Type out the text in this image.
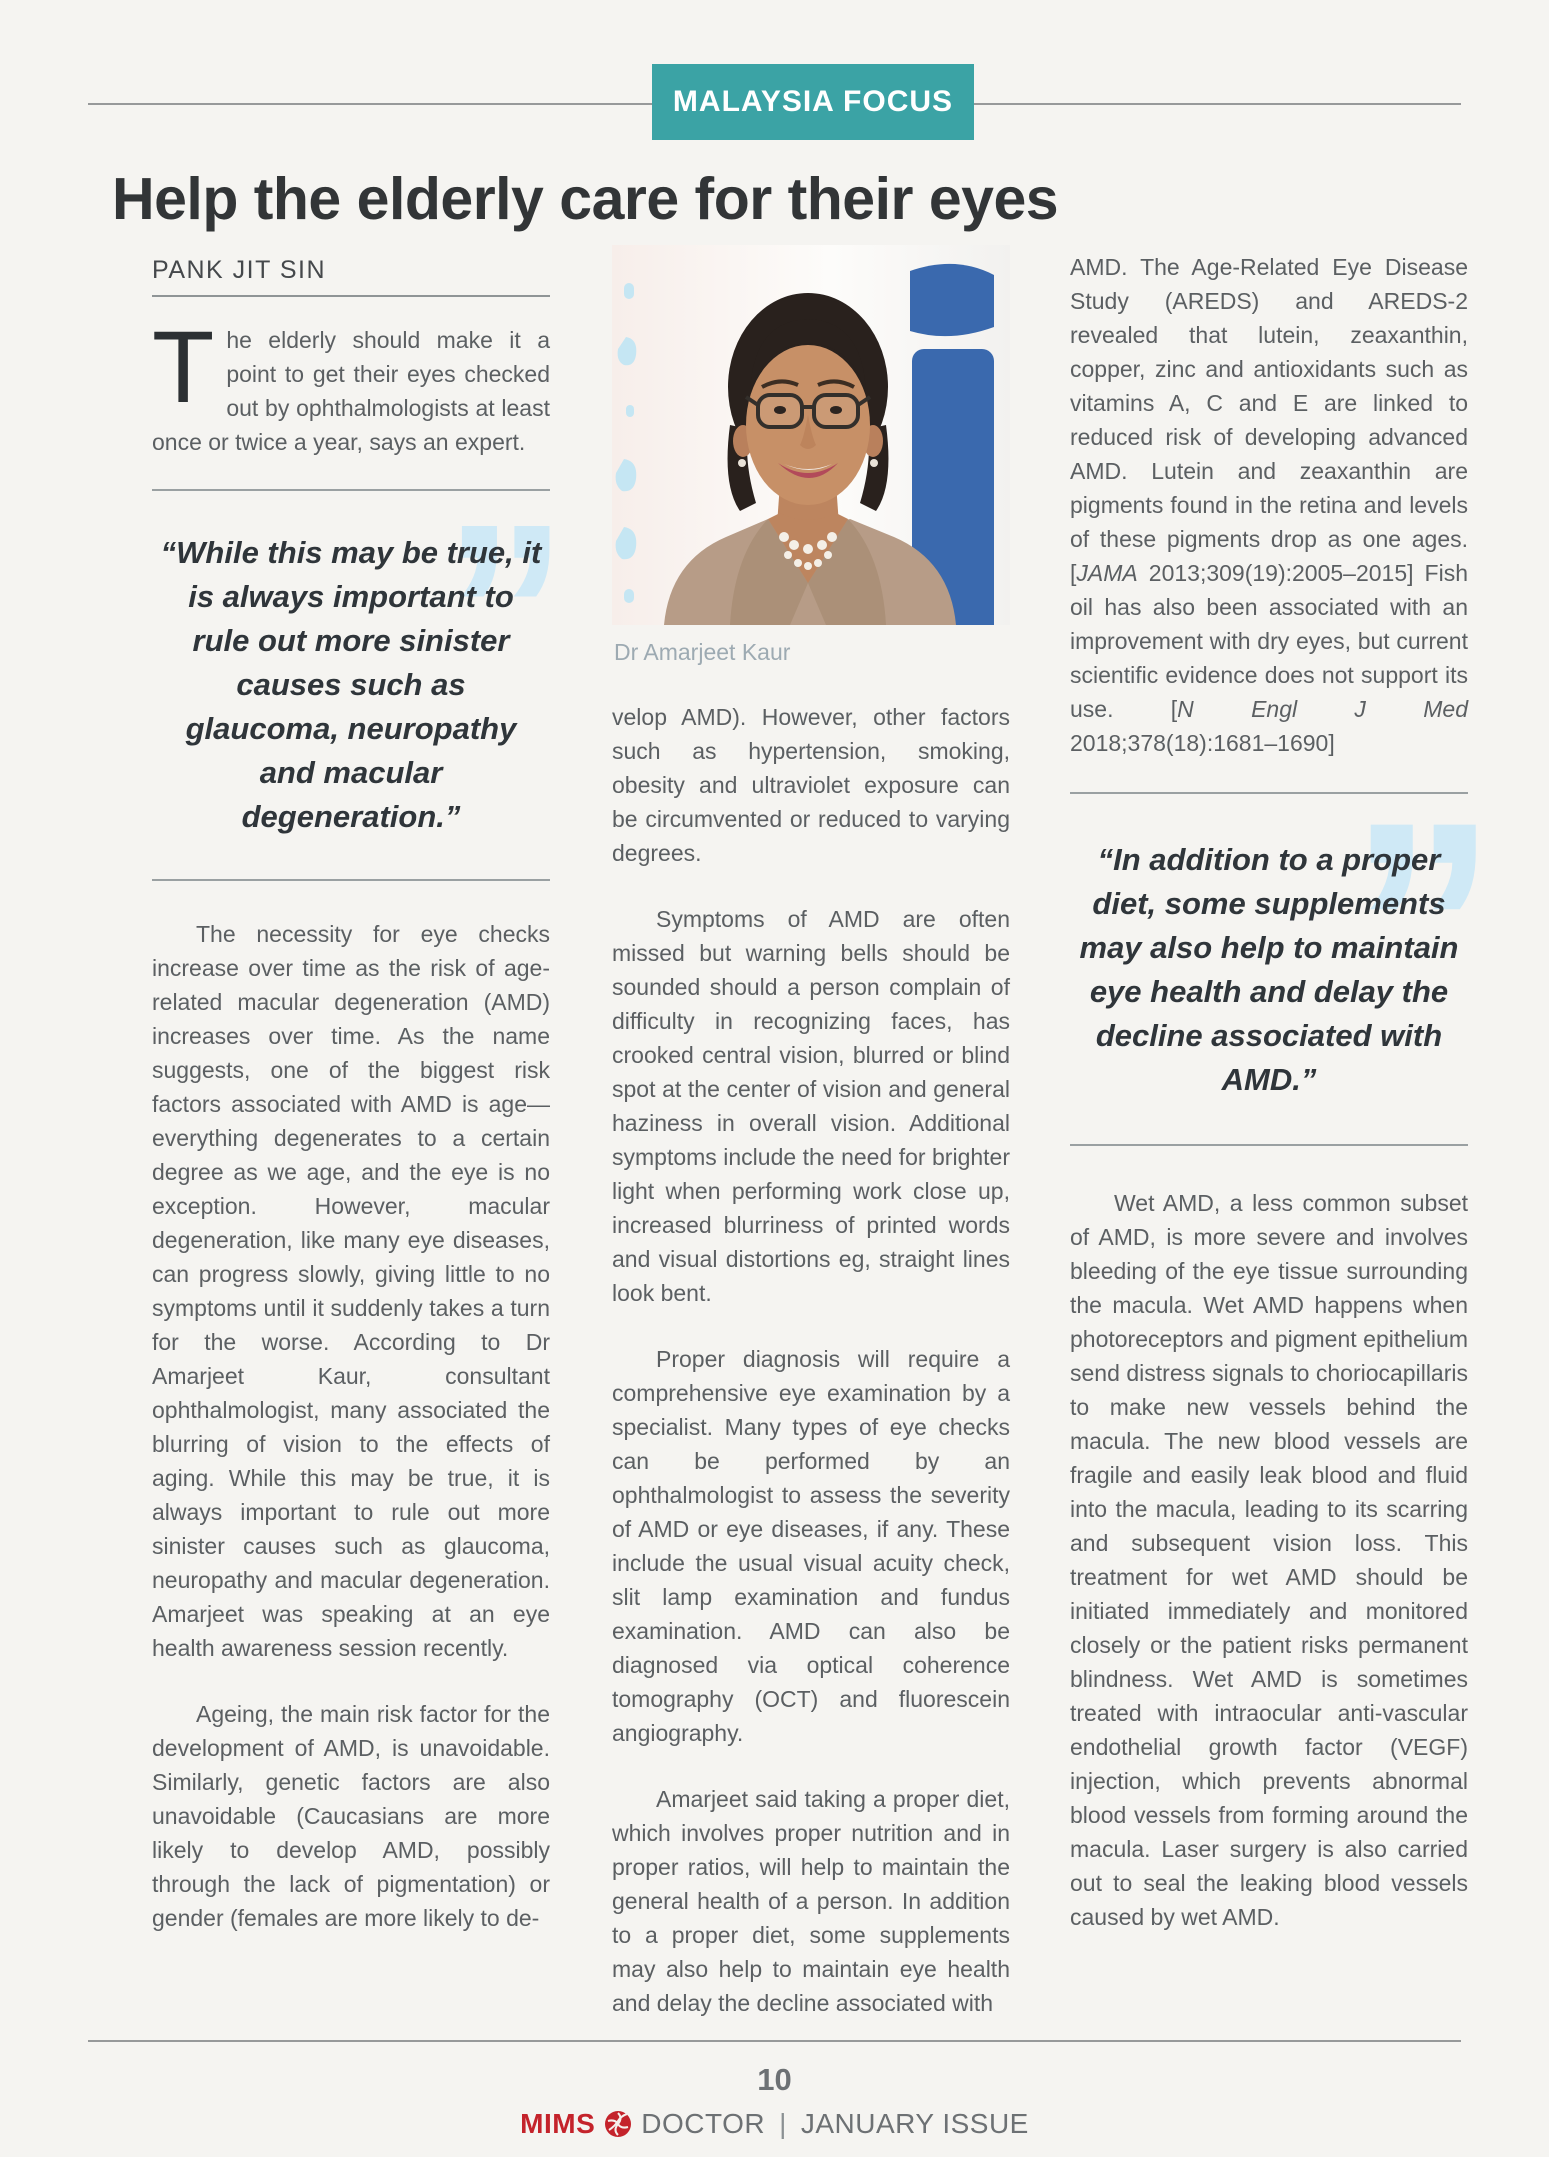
MALAYSIA FOCUS
Help the elderly care for their eyes
PANK JIT SIN

The elderly should make it a point to get their eyes checked out by ophthalmologists at least once or twice a year, says an expert.

”
“While this may be true, it is always important to rule out more sinister causes such as glaucoma, neuropathy and macular degeneration.”

The necessity for eye checks increase over time as the risk of age-related macular degeneration (AMD) increases over time. As the name suggests, one of the biggest risk factors associated with AMD is age—everything degenerates to a certain degree as we age, and the eye is no exception. However, macular degeneration, like many eye diseases, can progress slowly, giving little to no symptoms until it suddenly takes a turn for the worse. According to Dr Amarjeet Kaur, consultant ophthalmologist, many associated the blurring of vision to the effects of aging. While this may be true, it is always important to rule out more sinister causes such as glaucoma, neuropathy and macular degeneration. Amarjeet was speaking at an eye health awareness session recently.

Ageing, the main risk factor for the development of AMD, is unavoidable. Similarly, genetic factors are also unavoidable (Caucasians are more likely to develop AMD, possibly through the lack of pigmentation) or gender (females are more likely to de-

Dr Amarjeet Kaur

velop AMD). However, other factors such as hypertension, smoking, obesity and ultraviolet exposure can be circumvented or reduced to varying degrees.

Symptoms of AMD are often missed but warning bells should be sounded should a person complain of difficulty in recognizing faces, has crooked central vision, blurred or blind spot at the center of vision and general haziness in overall vision. Additional symptoms include the need for brighter light when performing work close up, increased blurriness of printed words and visual distortions eg, straight lines look bent.

Proper diagnosis will require a comprehensive eye examination by a specialist. Many types of eye checks can be performed by an ophthalmologist to assess the severity of AMD or eye diseases, if any. These include the usual visual acuity check, slit lamp examination and fundus examination. AMD can also be diagnosed via optical coherence tomography (OCT) and fluorescein angiography.

Amarjeet said taking a proper diet, which involves proper nutrition and in proper ratios, will help to maintain the general health of a person. In addition to a proper diet, some supplements may also help to maintain eye health and delay the decline associated with

AMD. The Age-Related Eye Disease Study (AREDS) and AREDS-2 revealed that lutein, zeaxanthin, copper, zinc and antioxidants such as vitamins A, C and E are linked to reduced risk of developing advanced AMD. Lutein and zeaxanthin are pigments found in the retina and levels of these pigments drop as one ages. [JAMA 2013;309(19):2005–2015] Fish oil has also been associated with an improvement with dry eyes, but current scientific evidence does not support its use. [N Engl J Med 2018;378(18):1681–1690]

”
“In addition to a proper diet, some supplements may also help to maintain eye health and delay the decline associated with AMD.”

Wet AMD, a less common subset of AMD, is more severe and involves bleeding of the eye tissue surrounding the macula. Wet AMD happens when photoreceptors and pigment epithelium send distress signals to choriocapillaris to make new vessels behind the macula. The new blood vessels are fragile and easily leak blood and fluid into the macula, leading to its scarring and subsequent vision loss. This treatment for wet AMD should be initiated immediately and monitored closely or the patient risks permanent blindness. Wet AMD is sometimes treated with intraocular anti-vascular endothelial growth factor (VEGF) injection, which prevents abnormal blood vessels from forming around the macula. Laser surgery is also carried out to seal the leaking blood vessels caused by wet AMD.

10
MIMS DOCTOR | JANUARY ISSUE
